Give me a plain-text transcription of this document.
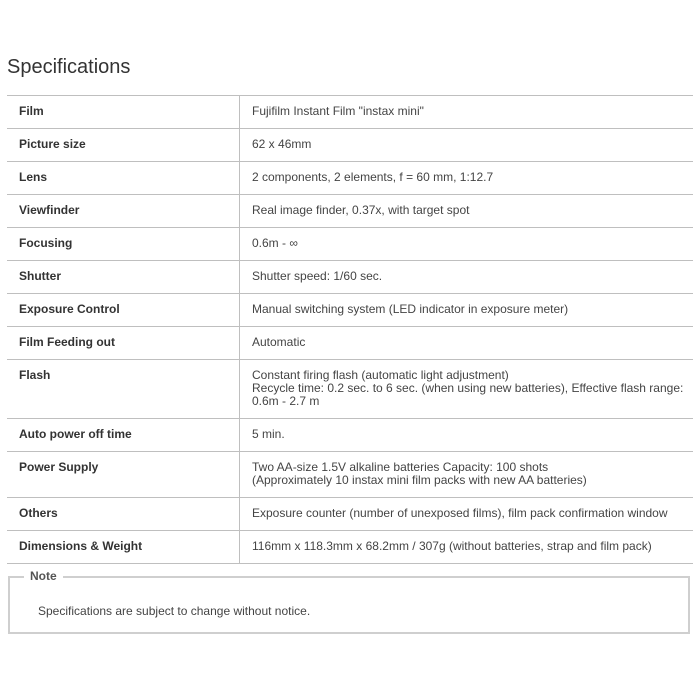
Specifications
Film	Fujifilm Instant Film "instax mini"

Picture size	62 x 46mm

Lens	2 components, 2 elements, f = 60 mm, 1:12.7

Viewfinder	Real image finder, 0.37x, with target spot

Focusing	0.6m - ∞

Shutter	Shutter speed: 1/60 sec.

Exposure Control	Manual switching system (LED indicator in exposure meter)

Film Feeding out	Automatic

Flash	Constant firing flash (automatic light adjustment)
Recycle time: 0.2 sec. to 6 sec. (when using new batteries), Effective flash range: 0.6m - 2.7 m

Auto power off time	5 min.

Power Supply	Two AA-size 1.5V alkaline batteries Capacity: 100 shots
(Approximately 10 instax mini film packs with new AA batteries)

Others	Exposure counter (number of unexposed films), film pack confirmation window

Dimensions & Weight	116mm x 118.3mm x 68.2mm / 307g (without batteries, strap and film pack)
Note
Specifications are subject to change without notice.
